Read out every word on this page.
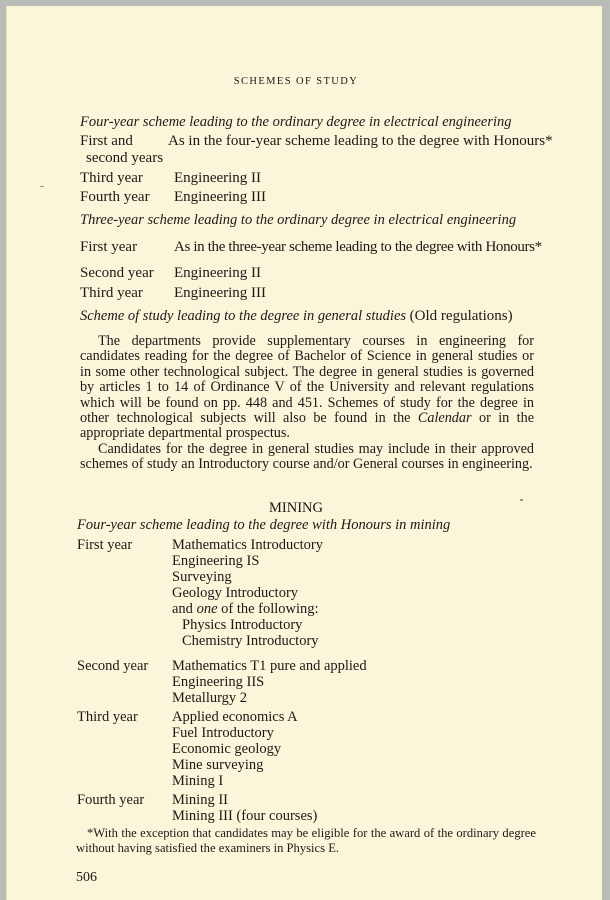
SCHEMES OF STUDY
Four-year scheme leading to the ordinary degree in electrical engineering
First and
second years
As in the four-year scheme leading to the degree with Honours*
Third year Engineering II
Fourth year Engineering III
Three-year scheme leading to the ordinary degree in electrical engineering
First year As in the three-year scheme leading to the degree with Honours*
Second year Engineering II
Third year Engineering III
Scheme of study leading to the degree in general studies (Old regulations)

The departments provide supplementary courses in engineering for candidates reading for the degree of Bachelor of Science in general studies or in some other technological subject. The degree in general studies is governed by articles 1 to 14 of Ordinance V of the University and relevant regulations which will be found on pp. 448 and 451. Schemes of study for the degree in other technological subjects will also be found in the Calendar or in the appropriate departmental prospectus.

Candidates for the degree in general studies may include in their approved schemes of study an Introductory course and/or General courses in engineering.

MINING
Four-year scheme leading to the degree with Honours in mining
First year	Mathematics Introductory
Engineering IS
Surveying
Geology Introductory
and one of the following:
Physics Introductory
Chemistry Introductory
Second year Mathematics T1 pure and applied
Engineering IIS
Metallurgy 2
Third year Applied economics A
Fuel Introductory
Economic geology
Mine surveying
Mining I
Fourth year Mining II
Mining III (four courses)

*With the exception that candidates may be eligible for the award of the ordinary degree without having satisfied the examiners in Physics E.

506
